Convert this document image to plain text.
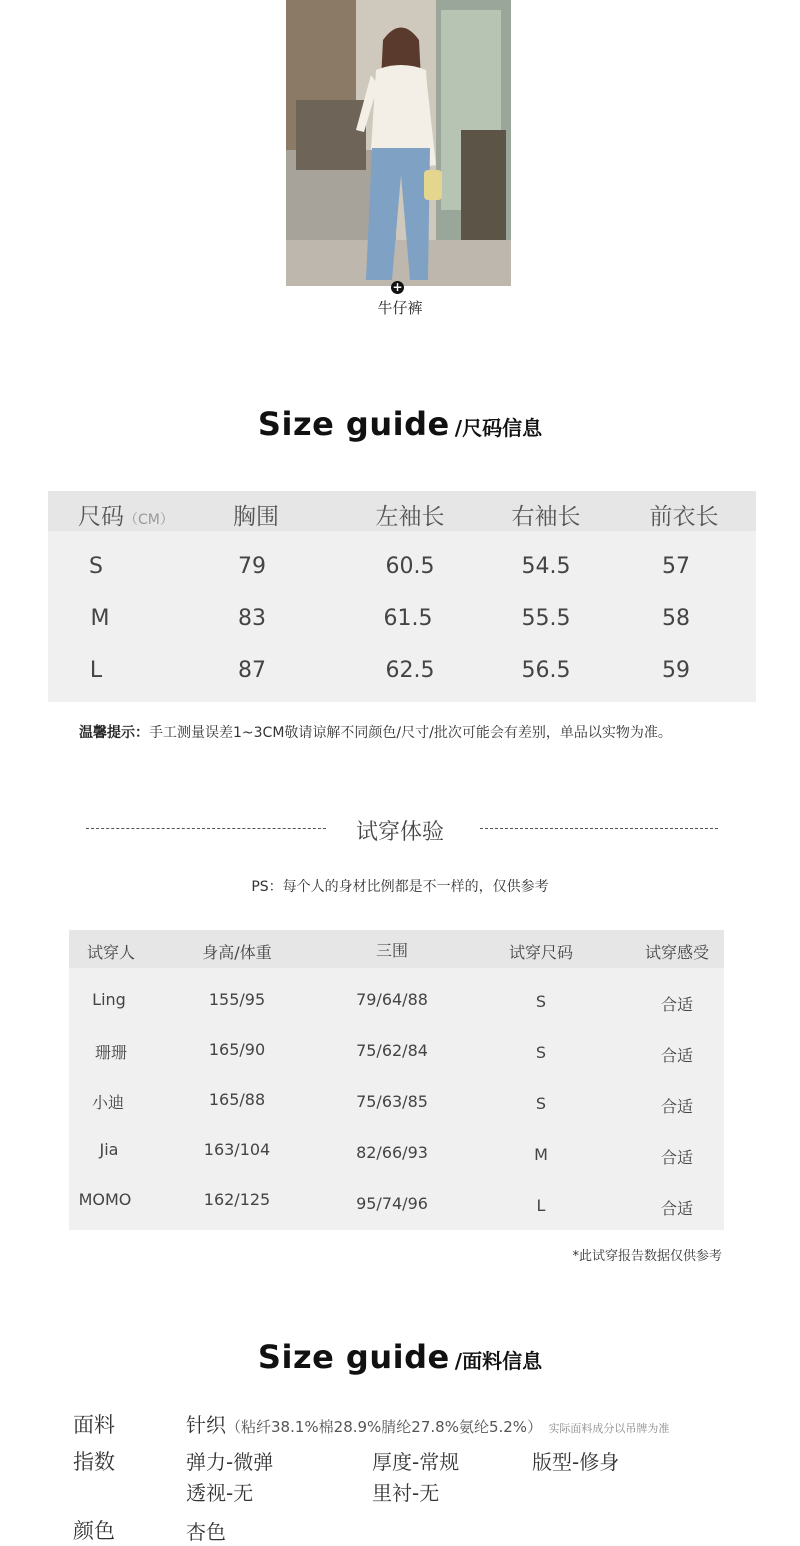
+
牛仔裤
Size guide /尺码信息
尺码（CM）	胸围	左袖长	右袖长	前衣长
S	79	60.5	54.5	57
M	83	61.5	55.5	58
L	87	62.5	56.5	59
温馨提示：手工测量误差1~3CM敬请谅解不同颜色/尺寸/批次可能会有差别，单品以实物为准。
试穿体验
PS：每个人的身材比例都是不一样的，仅供参考
试穿人	身高/体重	三围	试穿尺码	试穿感受
Ling	155/95	79/64/88	S	合适
珊珊	165/90	75/62/84	S	合适
小迪	165/88	75/63/85	S	合适
Jia	163/104	82/66/93	M	合适
MOMO	162/125	95/74/96	L	合适
*此试穿报告数据仅供参考
Size guide /面料信息
面料	针织（粘纤38.1%棉28.9%腈纶27.8%氨纶5.2%） 实际面料成分以吊牌为准
指数	弹力-微弹	厚度-常规	版型-修身
透视-无	里衬-无
颜色	杏色
